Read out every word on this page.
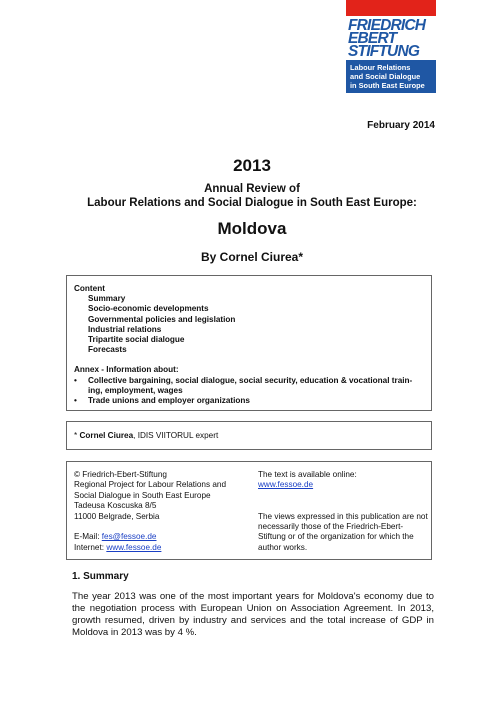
FRIEDRICH
EBERT
STIFTUNG
Labour Relations
and Social Dialogue
in South East Europe
February 2014
2013
Annual Review of
Labour Relations and Social Dialogue in South East Europe:
Moldova
By Cornel Ciurea*
Content
Summary
Socio-economic developments
Governmental policies and legislation
Industrial relations
Tripartite social dialogue
Forecasts
Annex - Information about:
•	Collective bargaining, social dialogue, social security, education & vocational train-ing, employment, wages
•	Trade unions and employer organizations
* Cornel Ciurea, IDIS VIITORUL expert
© Friedrich-Ebert-Stiftung
Regional Project for Labour Relations and
Social Dialogue in South East Europe
Tadeusa Koscuska 8/5
11000 Belgrade, Serbia
E-Mail: fes@fessoe.de
Internet: www.fessoe.de
The text is available online:
www.fessoe.de
The views expressed in this publication are not necessarily those of the Friedrich-Ebert-Stiftung or of the organization for which the author works.
1. Summary
The year 2013 was one of the most important years for Moldova's economy due to the negotiation process with European Union on Association Agreement. In 2013, growth resumed, driven by industry and services and the total increase of GDP in Moldova in 2013 was by 4 %.
